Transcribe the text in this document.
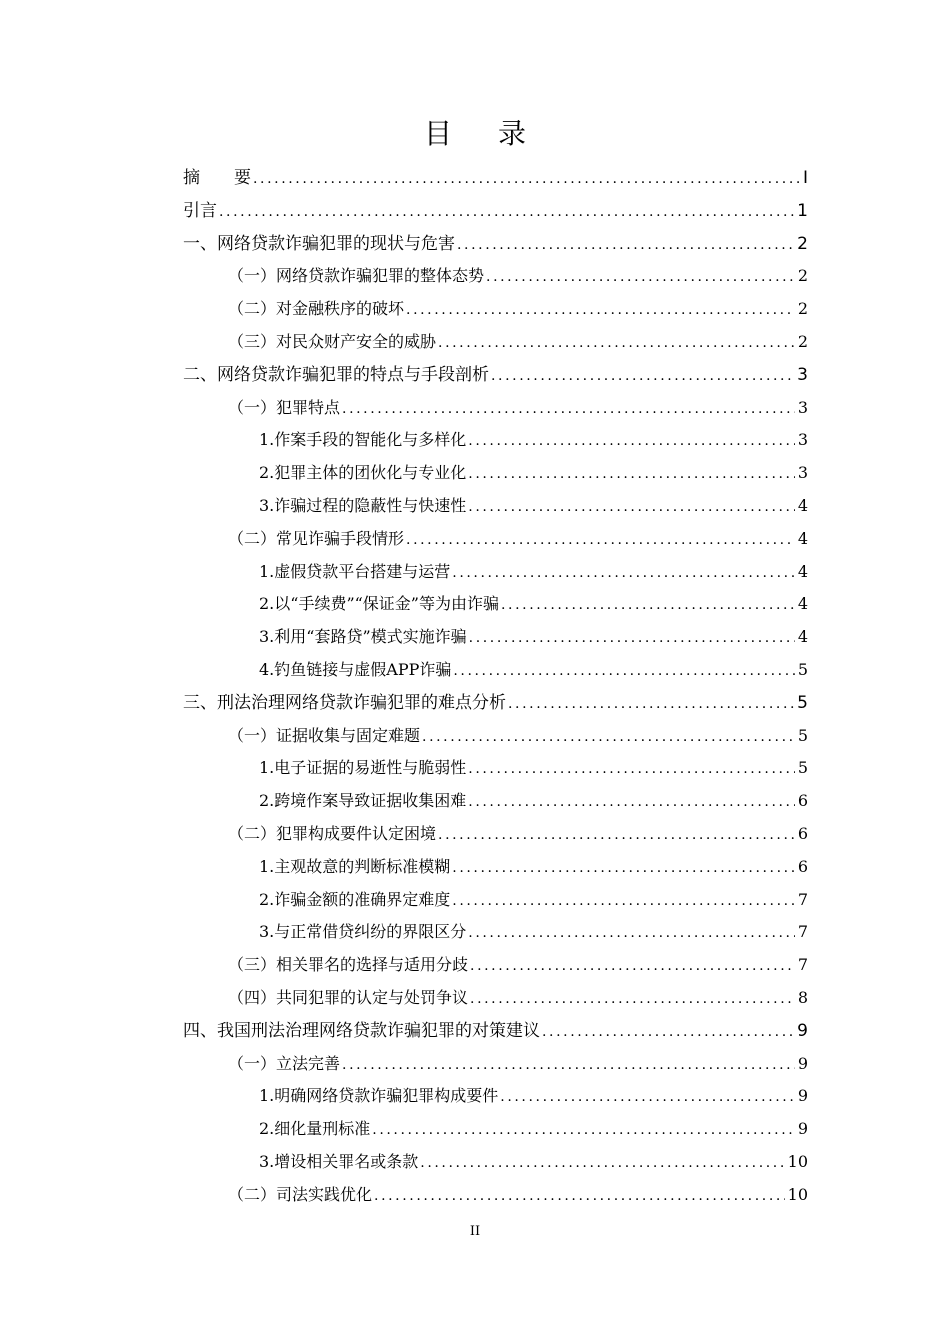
目 录
摘　　要 .....	I
引言 .....	1
一、网络贷款诈骗犯罪的现状与危害 .....	2
（一）网络贷款诈骗犯罪的整体态势 .....	2
（二）对金融秩序的破坏 .....	2
（三）对民众财产安全的威胁 .....	2
二、网络贷款诈骗犯罪的特点与手段剖析 .....	3
（一）犯罪特点 .....	3
1.作案手段的智能化与多样化 .....	3
2.犯罪主体的团伙化与专业化 .....	3
3.诈骗过程的隐蔽性与快速性 .....	4
（二）常见诈骗手段情形 .....	4
1.虚假贷款平台搭建与运营 .....	4
2.以“手续费”“保证金”等为由诈骗 .....	4
3.利用“套路贷”模式实施诈骗 .....	4
4.钓鱼链接与虚假APP诈骗 .....	5
三、刑法治理网络贷款诈骗犯罪的难点分析 .....	5
（一）证据收集与固定难题 .....	5
1.电子证据的易逝性与脆弱性 .....	5
2.跨境作案导致证据收集困难 .....	6
（二）犯罪构成要件认定困境 .....	6
1.主观故意的判断标准模糊 .....	6
2.诈骗金额的准确界定难度 .....	7
3.与正常借贷纠纷的界限区分 .....	7
（三）相关罪名的选择与适用分歧 .....	7
（四）共同犯罪的认定与处罚争议 .....	8
四、我国刑法治理网络贷款诈骗犯罪的对策建议 .....	9
（一）立法完善 .....	9
1.明确网络贷款诈骗犯罪构成要件 .....	9
2.细化量刑标准 .....	9
3.增设相关罪名或条款 .....	10
（二）司法实践优化 .....	10
II
